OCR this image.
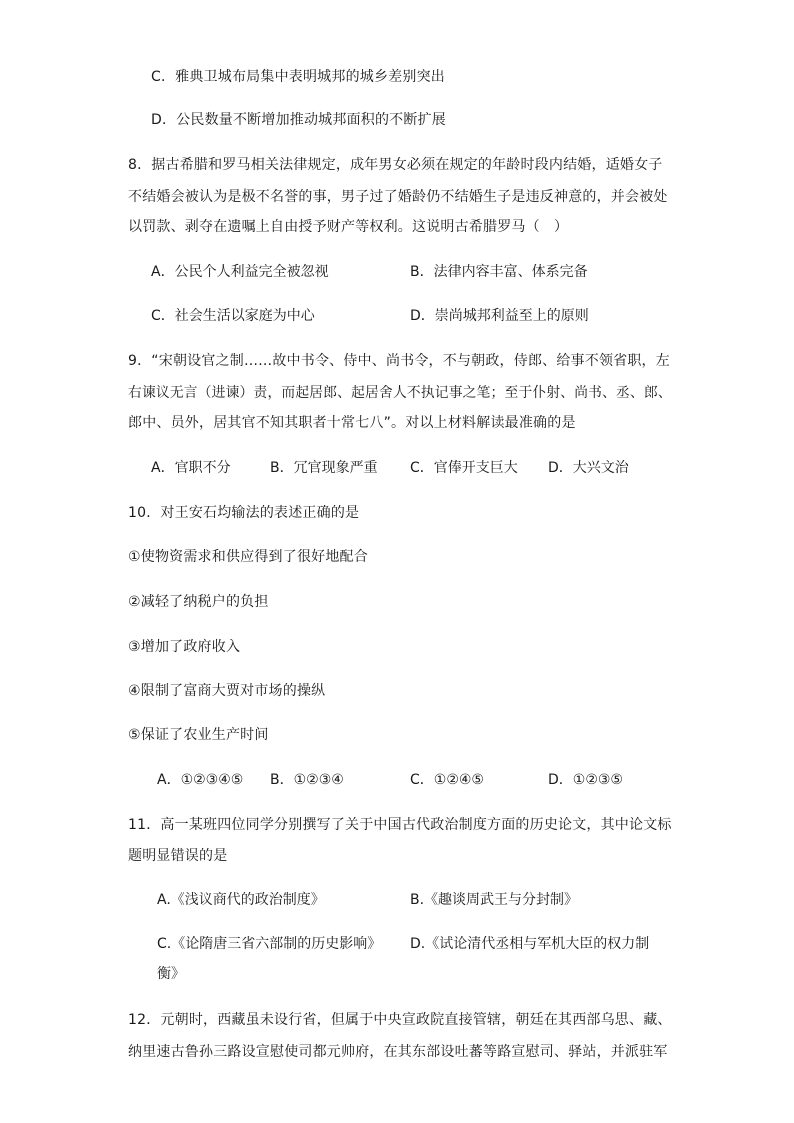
C．雅典卫城布局集中表明城邦的城乡差别突出
D．公民数量不断增加推动城邦面积的不断扩展
8．据古希腊和罗马相关法律规定，成年男女必须在规定的年龄时段内结婚，适婚女子
不结婚会被认为是极不名誉的事，男子过了婚龄仍不结婚生子是违反神意的，并会被处
以罚款、剥夺在遗嘱上自由授予财产等权利。这说明古希腊罗马（　）
A．公民个人利益完全被忽视	B．法律内容丰富、体系完备
C．社会生活以家庭为中心	D．崇尚城邦利益至上的原则
9．“宋朝设官之制……故中书令、侍中、尚书令，不与朝政，侍郎、给事不领省职，左
右谏议无言（进谏）责，而起居郎、起居舍人不执记事之笔；至于仆射、尚书、丞、郎、
郎中、员外，居其官不知其职者十常七八”。对以上材料解读最准确的是
A．官职不分	B．冗官现象严重 C．官俸开支巨大 D．大兴文治
10．对王安石均输法的表述正确的是
①使物资需求和供应得到了很好地配合
②减轻了纳税户的负担
③增加了政府收入
④限制了富商大贾对市场的操纵
⑤保证了农业生产时间
A．①②③④⑤ B．①②③④	C．①②④⑤	D．①②③⑤
11．高一某班四位同学分别撰写了关于中国古代政治制度方面的历史论文，其中论文标
题明显错误的是
A.《浅议商代的政治制度》	B.《趣谈周武王与分封制》
C.《论隋唐三省六部制的历史影响》 D.《试论清代丞相与军机大臣的权力制
衡》
12．元朝时，西藏虽未设行省，但属于中央宣政院直接管辖，朝廷在其西部乌思、藏、
纳里速古鲁孙三路设宣慰使司都元帅府，在其东部设吐蕃等路宣慰司、驿站，并派驻军
